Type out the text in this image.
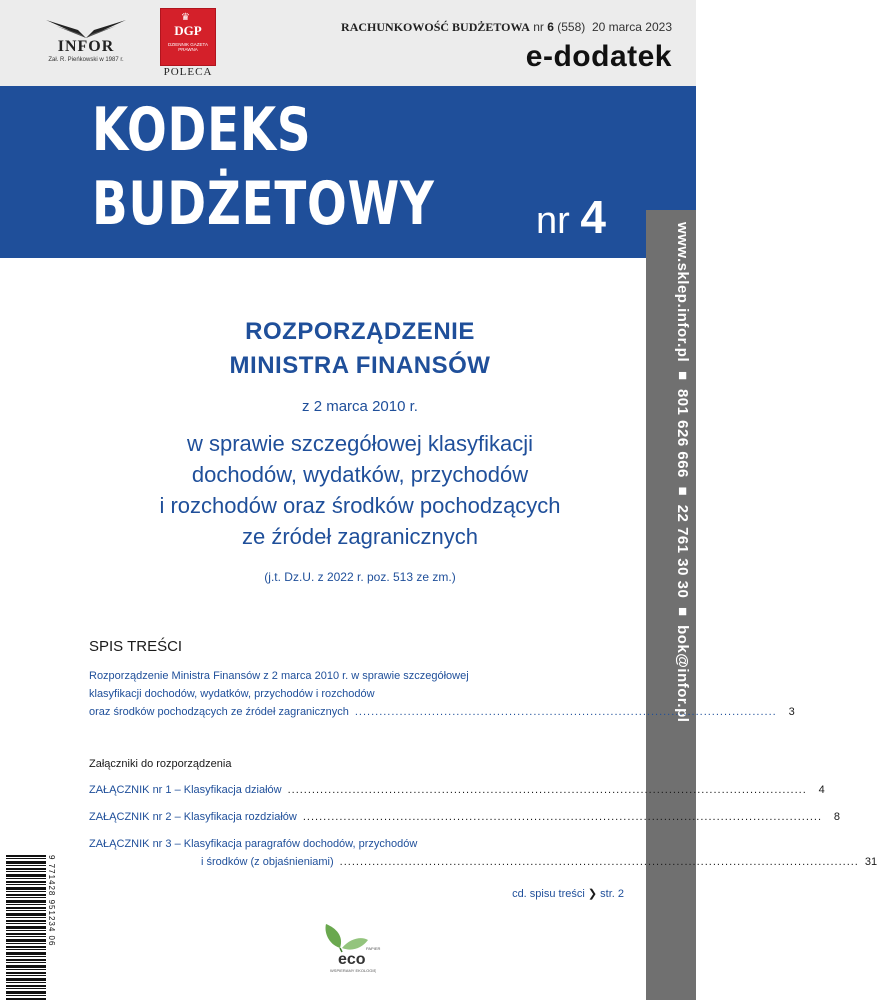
INFOR
Zał. R. Pieńkowski w 1987 r.
♛
DGP
DZIENNIK GAZETA PRAWNA
POLECA
RACHUNKOWOŚĆ BUDŻETOWA nr 6 (558) 20 marca 2023
e-dodatek
KODEKS
BUDŻETOWY	nr 4
www.sklep.infor.pl ■ 801 626 666 ■ 22 761 30 30 ■ bok@infor.pl
ROZPORZĄDZENIE
MINISTRA FINANSÓW
z 2 marca 2010 r.
w sprawie szczegółowej klasyfikacji
dochodów, wydatków, przychodów
i rozchodów oraz środków pochodzących
ze źródeł zagranicznych
(j.t. Dz.U. z 2022 r. poz. 513 ze zm.)
SPIS TREŚCI
Rozporządzenie Ministra Finansów z 2 marca 2010 r. w sprawie szczegółowej
klasyfikacji dochodów, wydatków, przychodów i rozchodów
oraz środków pochodzących ze źródeł zagranicznych ........................................................................................................	3
Załączniki do rozporządzenia
ZAŁĄCZNIK nr 1 – Klasyfikacja działów ................................................................................................................................	4
ZAŁĄCZNIK nr 2 – Klasyfikacja rozdziałów ................................................................................................................................	8
ZAŁĄCZNIK nr 3 – Klasyfikacja paragrafów dochodów, przychodów
i środków (z objaśnieniami) ................................................................................................................................ 31
cd. spisu treści ❯ str. 2
eco
PAPIER
WSPIERAMY EKOLOGIĘ
9 771428 951234 06
